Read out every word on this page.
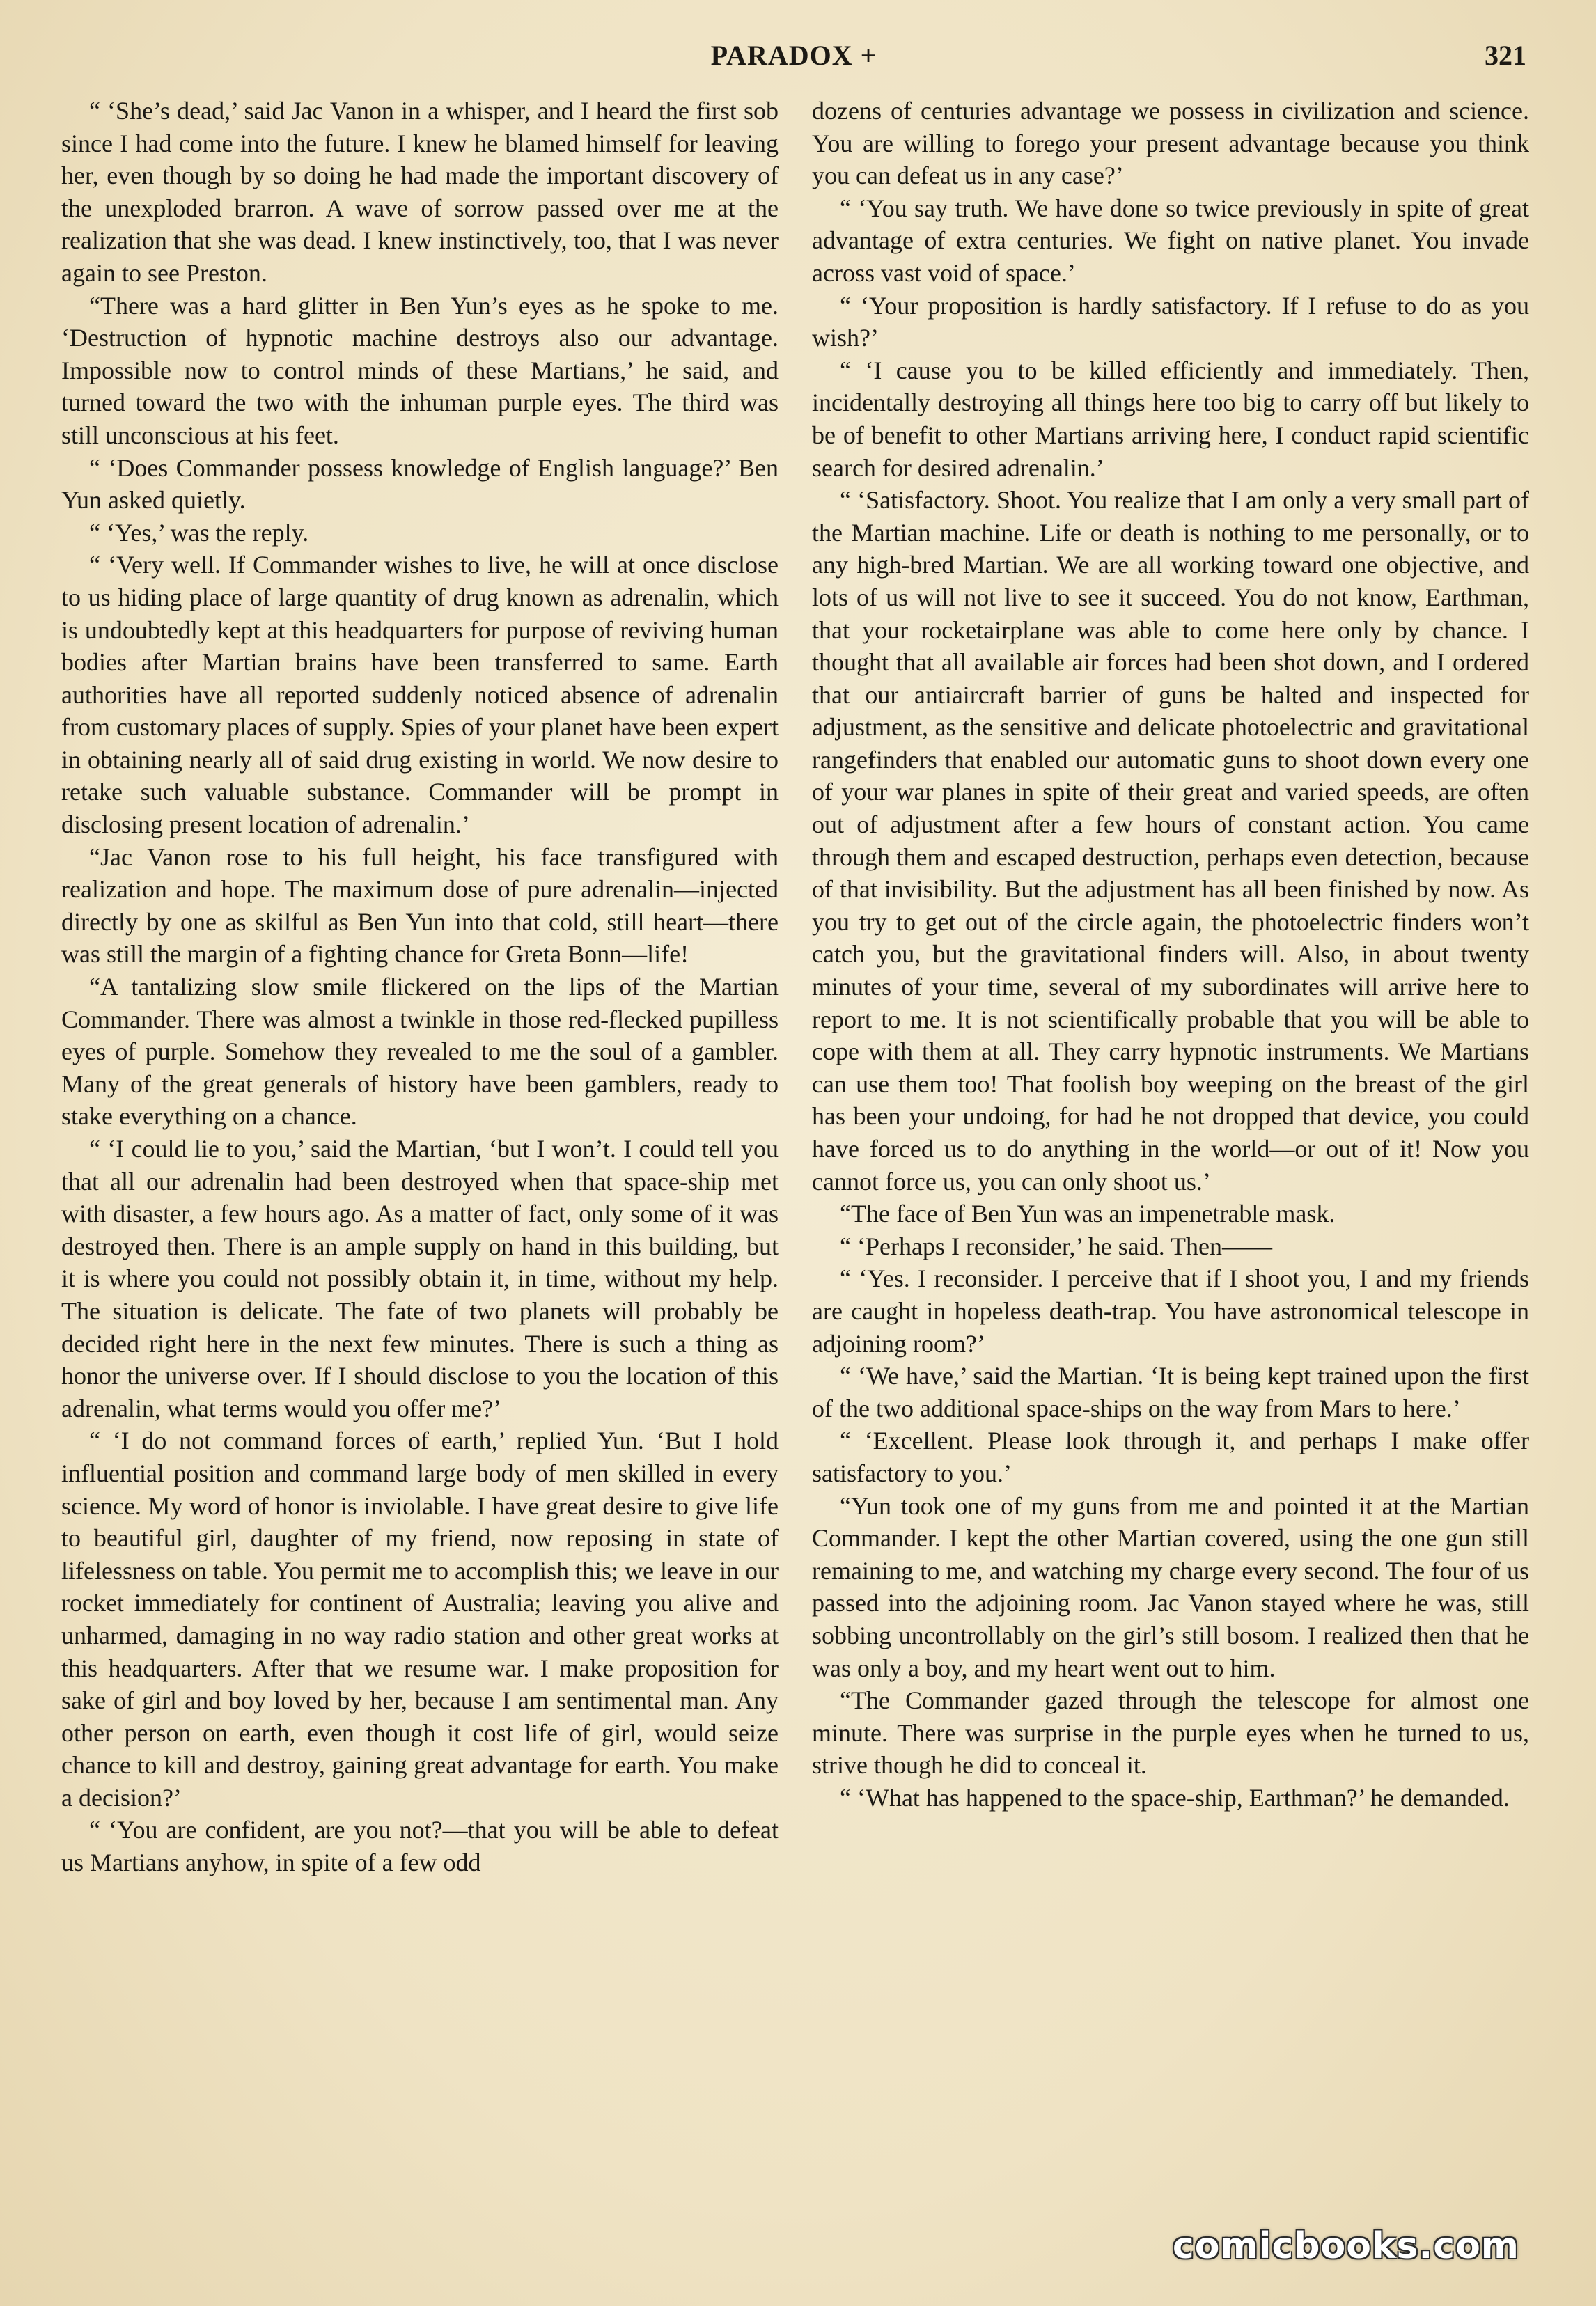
PARADOX +	321

“ ‘She’s dead,’ said Jac Vanon in a whisper, and I heard the first sob since I had come into the future. I knew he blamed himself for leaving her, even though by so doing he had made the important discovery of the unexploded brarron. A wave of sorrow passed over me at the realization that she was dead. I knew instinctively, too, that I was never again to see Preston.

“There was a hard glitter in Ben Yun’s eyes as he spoke to me. ‘Destruction of hypnotic machine destroys also our advantage. Impossible now to control minds of these Martians,’ he said, and turned toward the two with the inhuman purple eyes. The third was still unconscious at his feet.

“ ‘Does Commander possess knowledge of English language?’ Ben Yun asked quietly.

“ ‘Yes,’ was the reply.

“ ‘Very well. If Commander wishes to live, he will at once disclose to us hiding place of large quantity of drug known as adrenalin, which is undoubtedly kept at this headquarters for purpose of reviving human bodies after Martian brains have been transferred to same. Earth authorities have all reported suddenly noticed absence of adrenalin from customary places of supply. Spies of your planet have been expert in obtaining nearly all of said drug existing in world. We now desire to retake such valuable substance. Commander will be prompt in disclosing present location of adrenalin.’

“Jac Vanon rose to his full height, his face transfigured with realization and hope. The maximum dose of pure adrenalin—injected directly by one as skilful as Ben Yun into that cold, still heart—there was still the margin of a fighting chance for Greta Bonn—life!

“A tantalizing slow smile flickered on the lips of the Martian Commander. There was almost a twinkle in those red-flecked pupilless eyes of purple. Somehow they revealed to me the soul of a gambler. Many of the great generals of history have been gamblers, ready to stake everything on a chance.

“ ‘I could lie to you,’ said the Martian, ‘but I won’t. I could tell you that all our adrenalin had been destroyed when that space-ship met with disaster, a few hours ago. As a matter of fact, only some of it was destroyed then. There is an ample supply on hand in this building, but it is where you could not possibly obtain it, in time, without my help. The situation is delicate. The fate of two planets will probably be decided right here in the next few minutes. There is such a thing as honor the universe over. If I should disclose to you the location of this adrenalin, what terms would you offer me?’

“ ‘I do not command forces of earth,’ replied Yun. ‘But I hold influential position and command large body of men skilled in every science. My word of honor is inviolable. I have great desire to give life to beautiful girl, daughter of my friend, now reposing in state of lifelessness on table. You permit me to accomplish this; we leave in our rocket immediately for continent of Australia; leaving you alive and unharmed, damaging in no way radio station and other great works at this headquarters. After that we resume war. I make proposition for sake of girl and boy loved by her, because I am sentimental man. Any other person on earth, even though it cost life of girl, would seize chance to kill and destroy, gaining great advantage for earth. You make a decision?’

“ ‘You are confident, are you not?—that you will be able to defeat us Martians anyhow, in spite of a few odd

dozens of centuries advantage we possess in civilization and science. You are willing to forego your present advantage because you think you can defeat us in any case?’

“ ‘You say truth. We have done so twice previously in spite of great advantage of extra centuries. We fight on native planet. You invade across vast void of space.’

“ ‘Your proposition is hardly satisfactory. If I refuse to do as you wish?’

“ ‘I cause you to be killed efficiently and immediately. Then, incidentally destroying all things here too big to carry off but likely to be of benefit to other Martians arriving here, I conduct rapid scientific search for desired adrenalin.’

“ ‘Satisfactory. Shoot. You realize that I am only a very small part of the Martian machine. Life or death is nothing to me personally, or to any high-bred Martian. We are all working toward one objective, and lots of us will not live to see it succeed. You do not know, Earthman, that your rocketairplane was able to come here only by chance. I thought that all available air forces had been shot down, and I ordered that our antiaircraft barrier of guns be halted and inspected for adjustment, as the sensitive and delicate photoelectric and gravitational rangefinders that enabled our automatic guns to shoot down every one of your war planes in spite of their great and varied speeds, are often out of adjustment after a few hours of constant action. You came through them and escaped destruction, perhaps even detection, because of that invisibility. But the adjustment has all been finished by now. As you try to get out of the circle again, the photoelectric finders won’t catch you, but the gravitational finders will. Also, in about twenty minutes of your time, several of my subordinates will arrive here to report to me. It is not scientifically probable that you will be able to cope with them at all. They carry hypnotic instruments. We Martians can use them too! That foolish boy weeping on the breast of the girl has been your undoing, for had he not dropped that device, you could have forced us to do anything in the world—or out of it! Now you cannot force us, you can only shoot us.’

“The face of Ben Yun was an impenetrable mask.

“ ‘Perhaps I reconsider,’ he said. Then——

“ ‘Yes. I reconsider. I perceive that if I shoot you, I and my friends are caught in hopeless death-trap. You have astronomical telescope in adjoining room?’

“ ‘We have,’ said the Martian. ‘It is being kept trained upon the first of the two additional space-ships on the way from Mars to here.’

“ ‘Excellent. Please look through it, and perhaps I make offer satisfactory to you.’

“Yun took one of my guns from me and pointed it at the Martian Commander. I kept the other Martian covered, using the one gun still remaining to me, and watching my charge every second. The four of us passed into the adjoining room. Jac Vanon stayed where he was, still sobbing uncontrollably on the girl’s still bosom. I realized then that he was only a boy, and my heart went out to him.

“The Commander gazed through the telescope for almost one minute. There was surprise in the purple eyes when he turned to us, strive though he did to conceal it.

“ ‘What has happened to the space-ship, Earthman?’ he demanded.

comicbooks.com
